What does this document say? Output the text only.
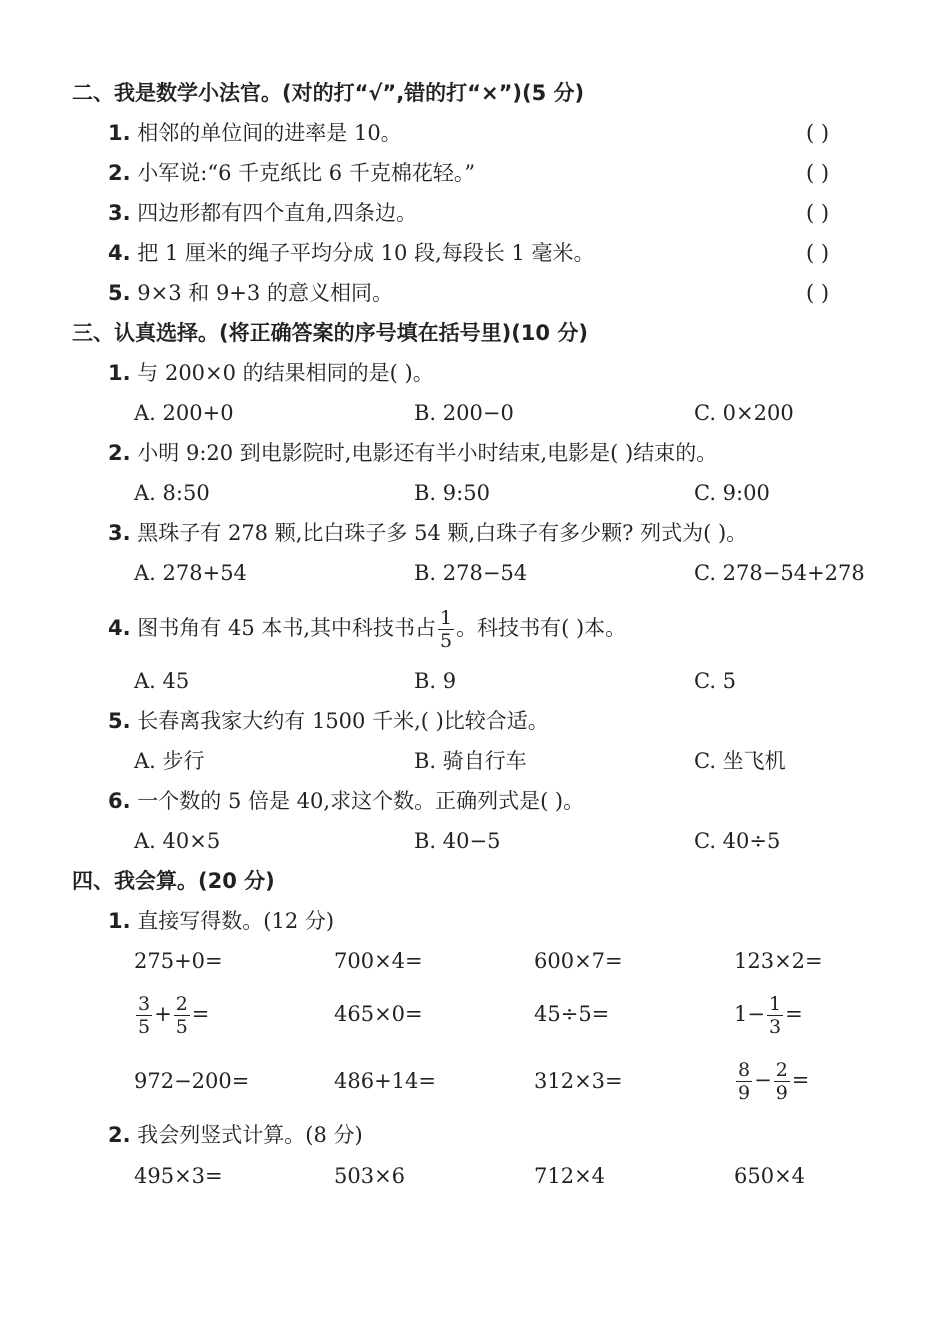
二、我是数学小法官。(对的打“√”,错的打“×”)(5 分)
1. 相邻的单位间的进率是 10。	( )
2. 小军说:“6 千克纸比 6 千克棉花轻。”	( )
3. 四边形都有四个直角,四条边。	( )
4. 把 1 厘米的绳子平均分成 10 段,每段长 1 毫米。	( )
5. 9×3 和 9+3 的意义相同。	( )
三、认真选择。(将正确答案的序号填在括号里)(10 分)
1. 与 200×0 的结果相同的是( )。
A. 200+0	B. 200−0	C. 0×200
2. 小明 9:20 到电影院时,电影还有半小时结束,电影是( )结束的。
A. 8:50	B. 9:50	C. 9:00
3. 黑珠子有 278 颗,比白珠子多 54 颗,白珠子有多少颗? 列式为( )。
A. 278+54	B. 278−54	C. 278−54+278
4. 图书角有 45 本书,其中科技书占 $\frac{1}{5}$ 。科技书有( )本。
A. 45	B. 9	C. 5
5. 长春离我家大约有 1500 千米,( )比较合适。
A. 步行	B. 骑自行车	C. 坐飞机
6. 一个数的 5 倍是 40,求这个数。正确列式是( )。
A. 40×5	B. 40−5	C. 40÷5
四、我会算。(20 分)
1. 直接写得数。(12 分)
275+0=	700×4=	600×7=	123×2=
$\frac{3}{5} + \frac{2}{5}$ =	465×0=	45÷5=	$1- \frac{1}{3}$ =
972−200=	486+14=	312×3=	$\frac{8}{9} - \frac{2}{9}$ =
2. 我会列竖式计算。(8 分)
495×3=	503×6	712×4	650×4
